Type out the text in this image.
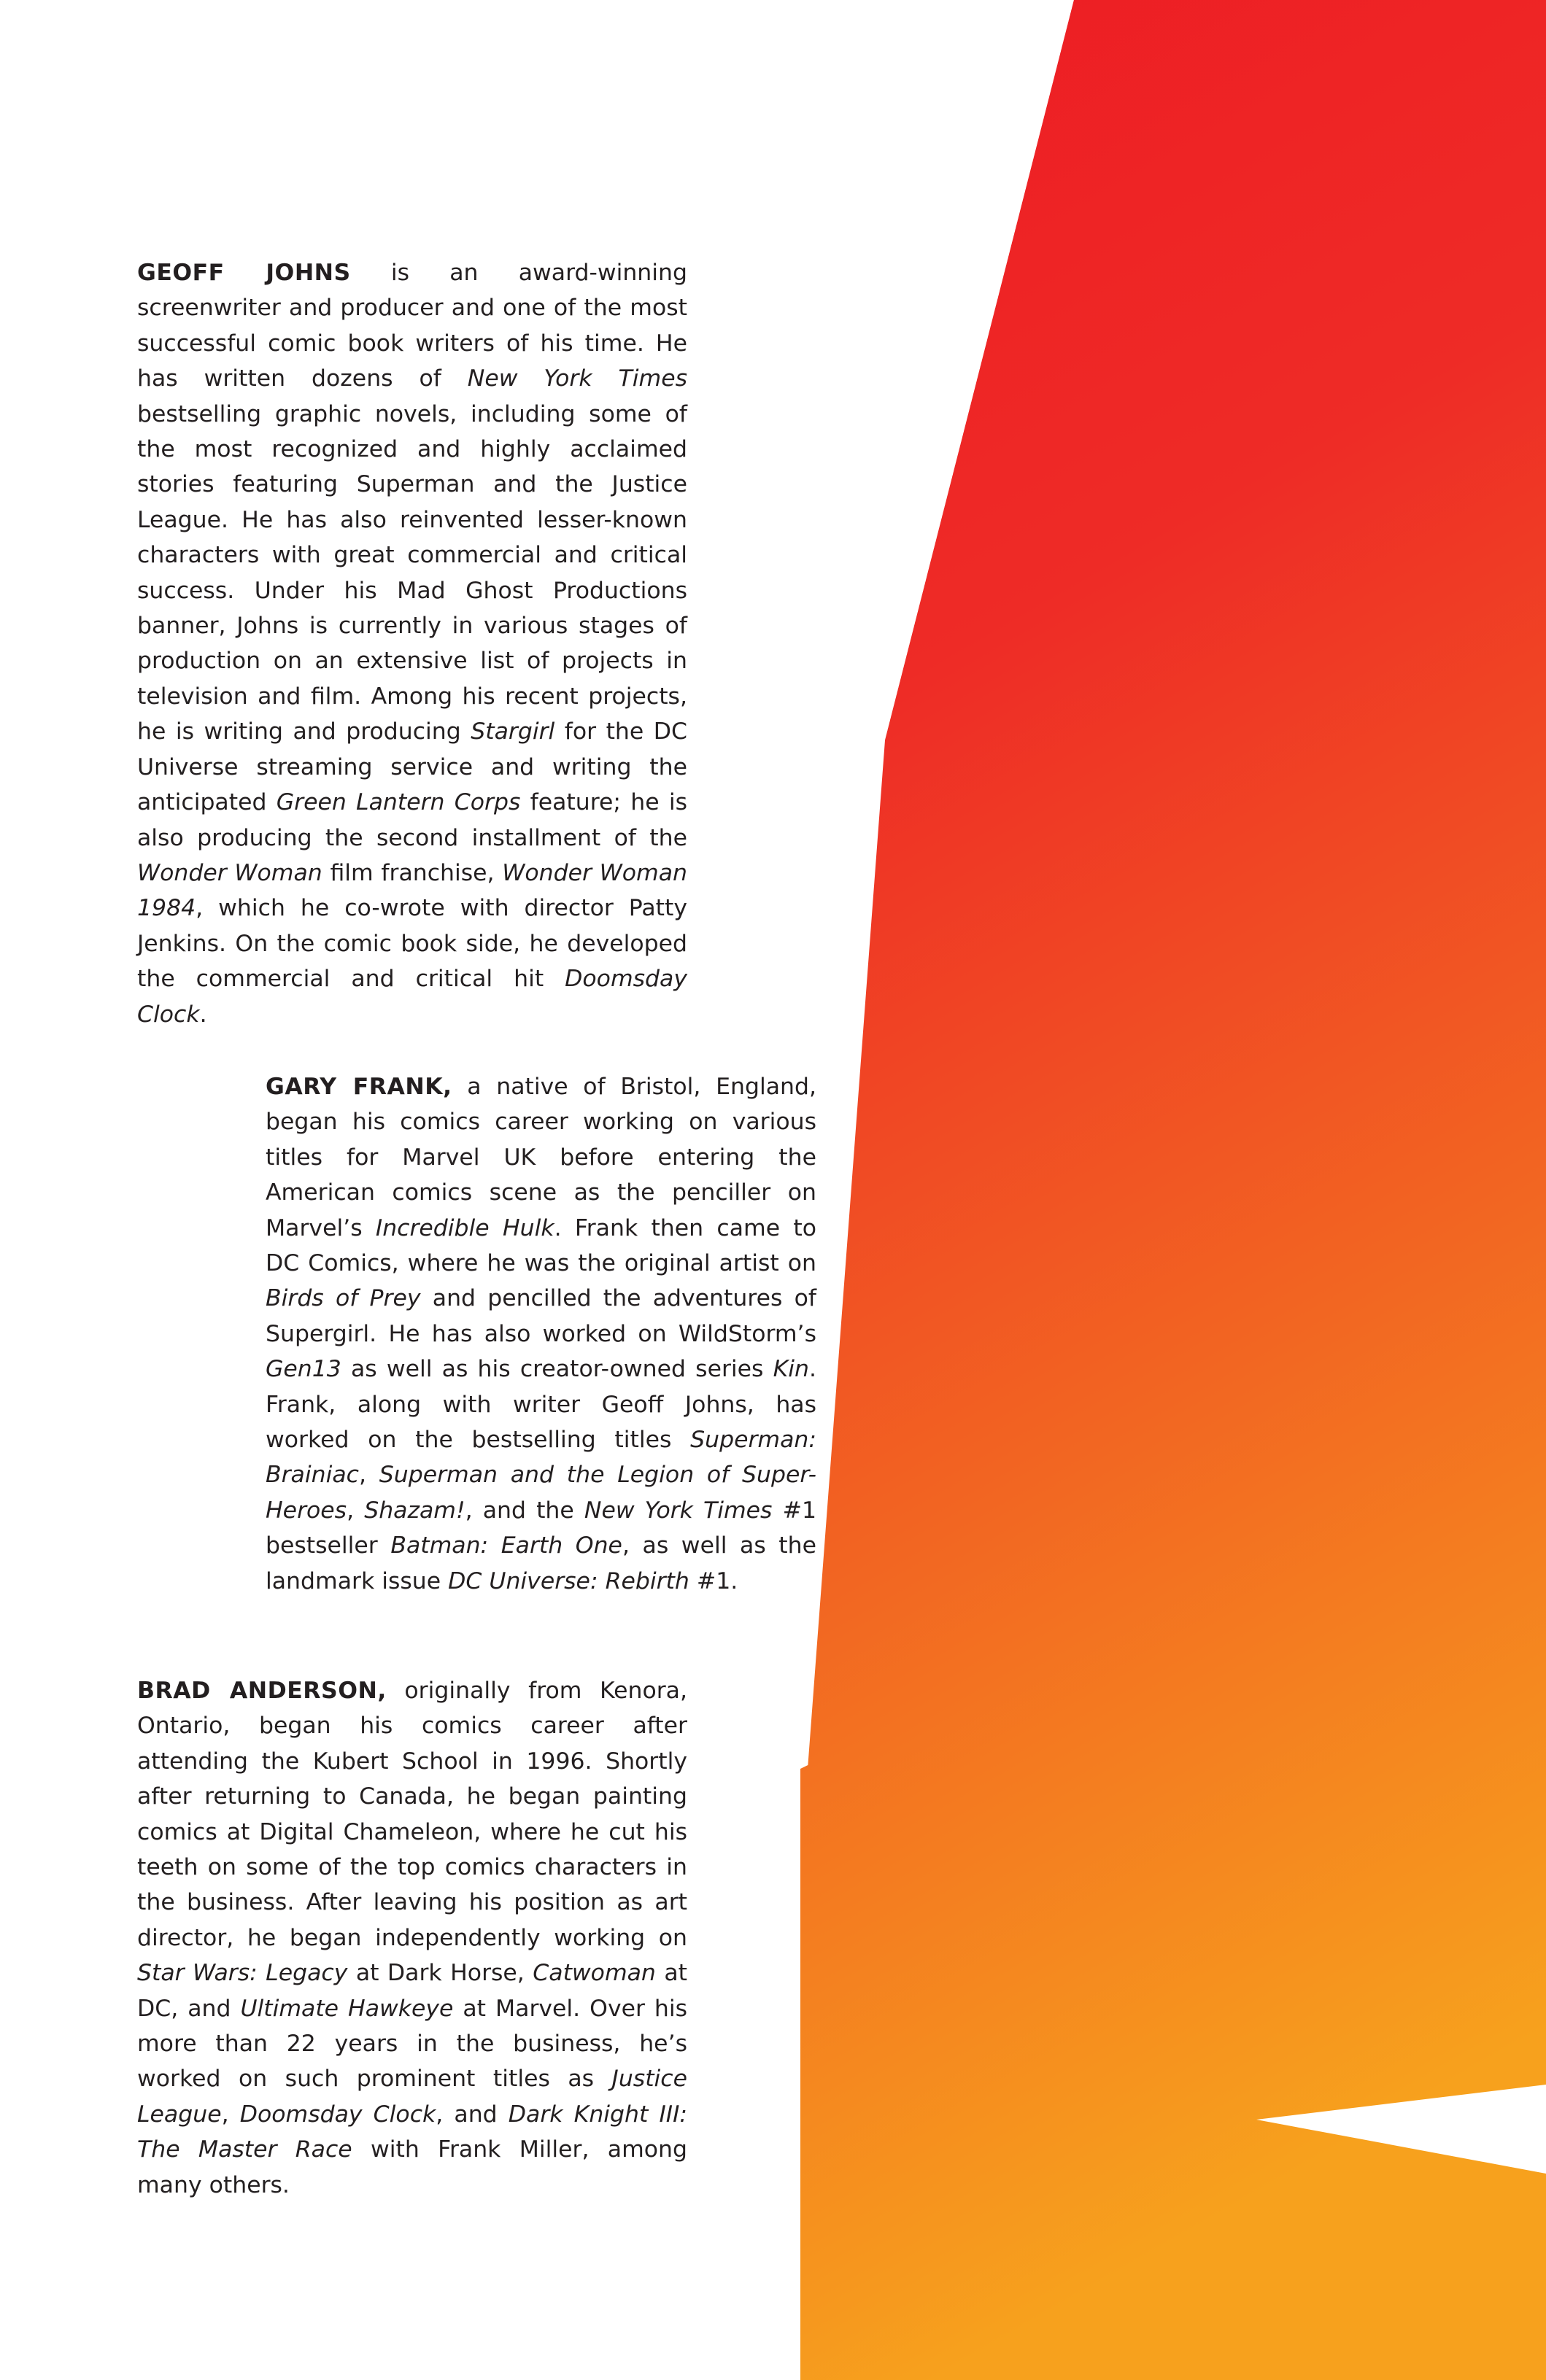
GEOFF JOHNS is an award-winning screenwriter and producer and one of the most successful comic book writers of his time. He has written dozens of New York Times bestselling graphic novels, including some of the most recognized and highly acclaimed stories featuring Superman and the Justice League. He has also reinvented lesser-known characters with great commercial and critical success. Under his Mad Ghost Productions banner, Johns is currently in various stages of production on an extensive list of projects in television and film. Among his recent projects, he is writing and producing Stargirl for the DC Universe streaming service and writing the anticipated Green Lantern Corps feature; he is also producing the second installment of the Wonder Woman film franchise, Wonder Woman 1984, which he co-wrote with director Patty Jenkins. On the comic book side, he developed the commercial and critical hit Doomsday Clock.
GARY FRANK, a native of Bristol, England, began his comics career working on various titles for Marvel UK before entering the American comics scene as the penciller on Marvel’s Incredible Hulk. Frank then came to DC Comics, where he was the original artist on Birds of Prey and pencilled the adventures of Supergirl. He has also worked on WildStorm’s Gen13 as well as his creator-owned series Kin. Frank, along with writer Geoff Johns, has worked on the bestselling titles Superman: Brainiac, Superman and the Legion of Super-Heroes, Shazam!, and the New York Times #1 bestseller Batman: Earth One, as well as the landmark issue DC Universe: Rebirth #1.
BRAD ANDERSON, originally from Kenora, Ontario, began his comics career after attending the Kubert School in 1996. Shortly after returning to Canada, he began painting comics at Digital Chameleon, where he cut his teeth on some of the top comics characters in the business. After leaving his position as art director, he began independently working on Star Wars: Legacy at Dark Horse, Catwoman at DC, and Ultimate Hawkeye at Marvel. Over his more than 22 years in the business, he’s worked on such prominent titles as Justice League, Doomsday Clock, and Dark Knight III: The Master Race with Frank Miller, among many others.
